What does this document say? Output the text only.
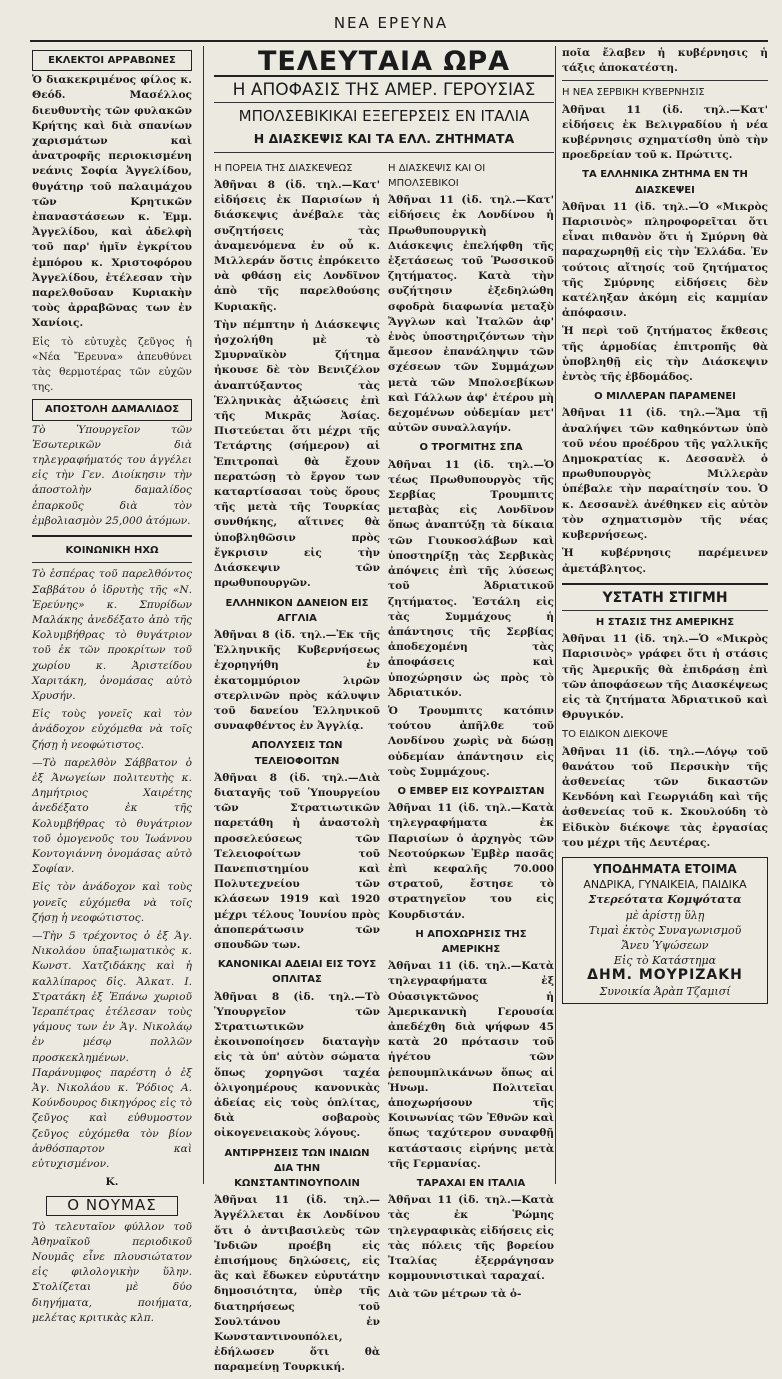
ΝΕΑ ΕΡΕΥΝΑ
ΕΚΛΕΚΤΟΙ ΑΡΡΑΒΩΝΕΣ

Ὁ διακεκριμένος φίλος κ. Θεόδ. Μασέλλος διευθυντὴς τῶν φυλακῶν Κρήτης καὶ διὰ σπανίων χαρισμάτων καὶ ἀνατροφῆς περιοκισμένη νεάνις Σοφία Ἀγγελίδου, θυγάτηρ τοῦ παλαιμάχου τῶν Κρητικῶν ἐπαναστάσεων κ. Ἐμμ. Ἀγγελίδου, καὶ ἀδελφὴ τοῦ παρ' ἡμῖν ἐγκρίτου ἐμπόρου κ. Χριστοφόρου Ἀγγελίδου, ἐτέλεσαν τὴν παρελθοῦσαν Κυριακὴν τοὺς ἀρραβῶνας των ἐν Χανίοις.

Εἰς τὸ εὐτυχὲς ζεῦγος ἡ «Νέα Ἔρευνα» ἀπευθύνει τὰς θερμοτέρας τῶν εὐχῶν της.

ΑΠΟΣΤΟΛΗ ΔΑΜΑΛΙΔΟΣ

Τὸ Ὑπουργεῖον τῶν Ἐσωτερικῶν διὰ τηλεγραφήματός του ἀγγέλει εἰς τὴν Γεν. Διοίκησιν τὴν ἀποστολὴν δαμαλίδος ἐπαρκοῦς διὰ τὸν ἐμβολιασμὸν 25,000 ἀτόμων.

ΚΟΙΝΩΝΙΚΗ ΗΧΩ

Τὸ ἑσπέρας τοῦ παρελθόντος Σαββάτου ὁ ἰδρυτὴς τῆς «Ν. Ἐρεύνης» κ. Σπυρίδων Μαλάκης ἀνεδέξατο ἀπὸ τῆς Κολυμβήθρας τὸ θυγάτριον τοῦ ἐκ τῶν προκρίτων τοῦ χωρίου κ. Ἀριστείδου Χαριτάκη, ὀνομάσας αὐτὸ Χρυσήν.

Εἰς τοὺς γονεῖς καὶ τὸν ἀνάδοχον εὐχόμεθα νὰ τοῖς ζήσῃ ἡ νεοφώτιστος.

—Τὸ παρελθὸν Σάββατον ὁ ἐξ Ἀνωγείων πολιτευτὴς κ. Δημήτριος Χαιρέτης ἀνεδέξατο ἐκ τῆς Κολυμβήθρας τὸ θυγάτριον τοῦ ὁμογενοῦς του Ἰωάννου Κοντογιάννη ὀνομάσας αὐτὸ Σοφίαν.

Εἰς τὸν ἀνάδοχον καὶ τοὺς γονεῖς εὐχόμεθα νὰ τοῖς ζήσῃ ἡ νεοφώτιστος.

—Τὴν 5 τρέχοντος ὁ ἐξ Ἁγ. Νικολάου ὑπαξιωματικὸς κ. Κωνστ. Χατζιδάκης καὶ ἡ καλλίπαρος δἰς. Ἀλκατ. Ι. Στρατάκη ἐξ Ἐπάνω χωριοῦ Ἱεραπέτρας ἐτέλεσαν τοὺς γάμους των ἐν Ἁγ. Νικολάῳ ἐν μέσῳ πολλῶν προσκεκλημένων. Παράνυμφος παρέστη ὁ ἐξ Ἁγ. Νικολάου κ. Ῥόδιος Α. Κούνδουρος δικηγόρος εἰς τὸ ζεῦγος καὶ εὐθυμοστον ζεῦγος εὐχόμεθα τὸν βίον ἀνθόσπαρτον καὶ εὐτυχισμένον.

Κ.
Ο ΝΟΥΜΑΣ

Τὸ τελευταῖον φύλλον τοῦ Ἀθηναϊκοῦ περιοδικοῦ Νουμᾶς εἶνε πλουσιώτατον εἰς φιλολογικὴν ὕλην. Στολίζεται μὲ δύο διηγήματα, ποιήματα, μελέτας κριτικὰς κλπ.

ΤΕΛΕΥΤΑΙΑ ΩΡΑ
Η ΑΠΟΦΑΣΙΣ ΤΗΣ ΑΜΕΡ. ΓΕΡΟΥΣΙΑΣ
ΜΠΟΛΣΕΒΙΚΙΚΑΙ ΕΞΕΓΕΡΣΕΙΣ ΕΝ ΙΤΑΛΙΑ
Η ΔΙΑΣΚΕΨΙΣ ΚΑΙ ΤΑ ΕΛΛ. ΖΗΤΗΜΑΤΑ
Η ΠΟΡΕΙΑ ΤΗΣ ΔΙΑΣΚΕΨΕΩΣ

Ἀθῆναι 8 (ἰδ. τηλ.—Κατ' εἰδήσεις ἐκ Παρισίων ἡ διάσκεψις ἀνέβαλε τὰς συζητήσεις τὰς ἀναμενόμενα ἐν οὗ κ. Μιλλεράν ὅστις ἐπρόκειτο νὰ φθάσῃ εἰς Λονδῖνον ἀπὸ τῆς παρελθούσης Κυριακῆς.

Τὴν πέμπτην ἡ Διάσκεψις ἠσχολήθη μὲ τὸ Σμυρναϊκὸν ζήτημα ἠκουσε δὲ τὸν Βενιζέλον ἀναπτύξαντος τὰς Ἑλληνικὰς ἀξιώσεις ἐπὶ τῆς Μικρᾶς Ἀσίας. Πιστεύεται ὅτι μέχρι τῆς Τετάρτης (σήμερον) αἱ Ἐπιτροπαὶ θὰ ἔχουν περατώσῃ τὸ ἔργον των καταρτίσασαι τοὺς ὅρους τῆς μετὰ τῆς Τουρκίας συνθήκης, αἵτινες θὰ ὑποβληθῶσιν πρὸς ἔγκρισιν εἰς τὴν Διάσκεψιν τῶν πρωθυπουργῶν.

ΕΛΛΗΝΙΚΟΝ ΔΑΝΕΙΟΝ ΕΙΣ ΑΓΓΛΙΑ

Ἀθῆναι 8 (ἰδ. τηλ.—Ἐκ τῆς Ἑλληνικῆς Κυβερνήσεως ἐχορηγήθη ἐν ἑκατομμύριον λιρῶν στερλινῶν πρὸς κάλυψιν τοῦ δανείου Ἑλληνικοῦ συναφθέντος ἐν Ἀγγλίᾳ.

ΑΠΟΛΥΣΕΙΣ ΤΩΝ ΤΕΛΕΙΟΦΟΙΤΩΝ

Ἀθῆναι 8 (ἰδ. τηλ.—Διὰ διαταγῆς τοῦ Ὑπουργείου τῶν Στρατιωτικῶν παρετάθη ἡ ἀναστολὴ προσελεύσεως τῶν Τελειοφοίτων τοῦ Πανεπιστημίου καὶ Πολυτεχνείου τῶν κλάσεων 1919 καὶ 1920 μέχρι τέλους Ἰουνίου πρὸς ἀποπεράτωσιν τῶν σπουδῶν των.

ΚΑΝΟΝΙΚΑΙ ΑΔΕΙΑΙ ΕΙΣ ΤΟΥΣ ΟΠΛΙΤΑΣ

Ἀθῆναι 8 (ἰδ. τηλ.—Τὸ Ὑπουργεῖον τῶν Στρατιωτικῶν ἐκοινοποίησεν διαταγὴν εἰς τὰ ὑπ' αὐτὸν σώματα ὅπως χορηγῶσι ταχέα ὀλιγοημέρους κανονικὰς ἀδείας εἰς τοὺς ὁπλίτας, διὰ σοβαροὺς οἰκογενειακοὺς λόγους.

ΑΝΤΙΡΡΗΣΕΙΣ ΤΩΝ ΙΝΔΙΩΝ ΔΙΑ ΤΗΝ ΚΩΝΣΤΑΝΤΙΝΟΥΠΟΛΙΝ

Ἀθῆναι 11 (ἰδ. τηλ.—Ἀγγέλλεται ἐκ Λονδίνου ὅτι ὁ ἀντιβασιλεὺς τῶν Ἰνδιῶν προέβη εἰς ἐπισήμους δηλώσεις, εἰς ἃς καὶ ἔδωκεν εὐρυτάτην δημοσιότητα, ὑπὲρ τῆς διατηρήσεως τοῦ Σουλτάνου ἐν Κωνσταντινουπόλει, ἐδήλωσεν ὅτι θὰ παραμείνῃ Τουρκική.

Η ΔΙΑΣΚΕΨΙΣ ΚΑΙ ΟΙ ΜΠΟΛΣΕΒΙΚΟΙ

Ἀθῆναι 11 (ἰδ. τηλ.—Κατ' εἰδήσεις ἐκ Λονδίνου ἡ Πρωθυπουργικὴ Διάσκεψις ἐπελήφθη τῆς ἐξετάσεως τοῦ Ῥωσσικοῦ ζητήματος. Κατὰ τὴν συζήτησιν ἐξεδηλώθη σφοδρὰ διαφωνία μεταξὺ Ἄγγλων καὶ Ἰταλῶν ἀφ' ἑνὸς ὑποστηριζόντων τὴν ἄμεσον ἐπανάληψιν τῶν σχέσεων τῶν Συμμάχων μετὰ τῶν Μπολσεβίκων καὶ Γάλλων ἀφ' ἑτέρου μὴ δεχομένων οὐδεμίαν μετ' αὐτῶν συναλλαγήν.

Ο ΤΡΟΓΜΙΤΗΣ ΣΠΑ

Ἀθῆναι 11 (ἰδ. τηλ.—Ὁ τέως Πρωθυπουργὸς τῆς Σερβίας Τρουμπιτς μεταβὰς εἰς Λονδῖνον ὅπως ἀναπτύξῃ τὰ δίκαια τῶν Γιουκοσλάβων καὶ ὑποστηρίξῃ τὰς Σερβικὰς ἀπόψεις ἐπὶ τῆς λύσεως τοῦ Ἀδριατικοῦ ζητήματος. Ἐστάλη εἰς τὰς Συμμάχους ἡ ἀπάντησις τῆς Σερβίας ἀποδεχομένη τὰς ἀποφάσεις καὶ ὑποχώρησιν ὡς πρὸς τὸ Ἀδριατικόν.

Ὁ Τρουμπιτς κατόπιν τούτου ἀπῆλθε τοῦ Λονδίνου χωρὶς νὰ δώσῃ οὐδεμίαν ἀπάντησιν εἰς τοὺς Συμμάχους.

Ο ΕΜΒΕΡ ΕΙΣ ΚΟΥΡΔΙΣΤΑΝ

Ἀθῆναι 11 (ἰδ. τηλ.—Κατὰ τηλεγραφήματα ἐκ Παρισίων ὁ ἀρχηγὸς τῶν Νεοτούρκων Ἐμβὲρ πασᾶς ἐπὶ κεφαλῆς 70.000 στρατοῦ, ἔστησε τὸ στρατηγεῖον του εἰς Κουρδιστάν.

Η ΑΠΟΧΩΡΗΣΙΣ ΤΗΣ ΑΜΕΡΙΚΗΣ

Ἀθῆναι 11 (ἰδ. τηλ.—Κατὰ τηλεγραφήματα ἐξ Οὐασιγκτῶνος ἡ Ἀμερικανικὴ Γερουσία ἀπεδέχθη διὰ ψήφων 45 κατὰ 20 πρότασιν τοῦ ἡγέτου τῶν ῥεπουμπλικάνων ὅπως αἱ Ἡνωμ. Πολιτεῖαι ἀποχωρήσουν τῆς Κοινωνίας τῶν Ἐθνῶν καὶ ὅπως ταχύτερον συναφθῇ κατάστασις εἰρήνης μετὰ τῆς Γερμανίας.

ΤΑΡΑΧΑΙ ΕΝ ΙΤΑΛΙΑ

Ἀθῆναι 11 (ἰδ. τηλ.—Κατὰ τὰς ἐκ Ῥώμης τηλεγραφικὰς εἰδήσεις εἰς τὰς πόλεις τῆς βορείου Ἰταλίας ἐξερράγησαν κομμουνιστικαὶ ταραχαί.

Διὰ τῶν μέτρων τὰ ὁ-

ποῖα ἔλαβεν ἡ κυβέρνησις ἡ τάξις ἀποκατέστη.

Η ΝΕΑ ΣΕΡΒΙΚΗ ΚΥΒΕΡΝΗΣΙΣ

Ἀθῆναι 11 (ἰδ. τηλ.—Κατ' εἰδήσεις ἐκ Βελιγραδίου ἡ νέα κυβέρνησις σχηματίσθη ὑπὸ τὴν προεδρείαν τοῦ κ. Πρώτιτς.

ΤΑ ΕΛΛΗΝΙΚΑ ΖΗΤΗΜΑ ΕΝ ΤΗ ΔΙΑΣΚΕΨΕΙ

Ἀθῆναι 11 (ἰδ. τηλ.—Ὁ «Μικρὸς Παρισινὸς» πληροφορεῖται ὅτι εἶναι πιθανὸν ὅτι ἡ Σμύρνη θὰ παραχωρηθῇ εἰς τὴν Ἑλλάδα. Ἐν τούτοις αἴτησίς τοῦ ζητήματος τῆς Σμύρνης εἰδήσεις δὲν κατέληξαν ἀκόμη εἰς καμμίαν ἀπόφασιν.

Ἡ περὶ τοῦ ζητήματος ἔκθεσις τῆς ἁρμοδίας ἐπιτροπῆς θὰ ὑποβληθῇ εἰς τὴν Διάσκεψιν ἐντὸς τῆς ἑβδομάδος.

Ο ΜΙΛΛΕΡΑΝ ΠΑΡΑΜΕΝΕΙ

Ἀθῆναι 11 (ἰδ. τηλ.—Ἅμα τῇ ἀναλήψει τῶν καθηκόντων ὑπὸ τοῦ νέου προέδρου τῆς γαλλικῆς Δημοκρατίας κ. Δεσσανὲλ ὁ πρωθυπουργὸς Μιλλερὰν ὑπέβαλε τὴν παραίτησίν του. Ὁ κ. Δεσσανὲλ ἀνέθηκεν εἰς αὐτὸν τὸν σχηματισμὸν τῆς νέας κυβερνήσεως.

Ἡ κυβέρνησις παρέμεινεν ἀμετάβλητος.

ΥΣΤΑΤΗ ΣΤΙΓΜΗ
Η ΣΤΑΣΙΣ ΤΗΣ ΑΜΕΡΙΚΗΣ

Ἀθῆναι 11 (ἰδ. τηλ.—Ὁ «Μικρὸς Παρισινὸς» γράφει ὅτι ἡ στάσις τῆς Ἀμερικῆς θὰ ἐπιδράσῃ ἐπὶ τῶν ἀποφάσεων τῆς Διασκέψεως εἰς τὰ ζητήματα Ἀδριατικοῦ καὶ Θρυγικόν.

ΤΟ ΕΙΔΙΚΟΝ ΔΙΕΚΟΨΕ

Ἀθῆναι 11 (ἰδ. τηλ.—Λόγῳ τοῦ θανάτου τοῦ Περσικὴν τῆς ἀσθενείας τῶν δικαστῶν Κενδόνη καὶ Γεωργιάδη καὶ τῆς ἀσθενείας τοῦ κ. Σκουλούδη τὸ Εἰδικὸν διέκοψε τὰς ἐργασίας του μέχρι τῆς Δευτέρας.

ΥΠΟΔΗΜΑΤΑ ΕΤΟΙΜΑ
ΑΝΔΡΙΚΑ, ΓΥΝΑΙΚΕΙΑ, ΠΑΙΔΙΚΑ
Στερεότατα Κομψότατα
μὲ ἀρίστῃ ὕλῃ
Τιμαὶ ἐκτὸς Συναγωνισμοῦ
Ἄνευ Ὑψώσεων
Εἰς τὸ Κατάστημα
ΔΗΜ. ΜΟΥΡΙΖΑΚΗ
Συνοικία Ἀρὰπ Τζαμισί
